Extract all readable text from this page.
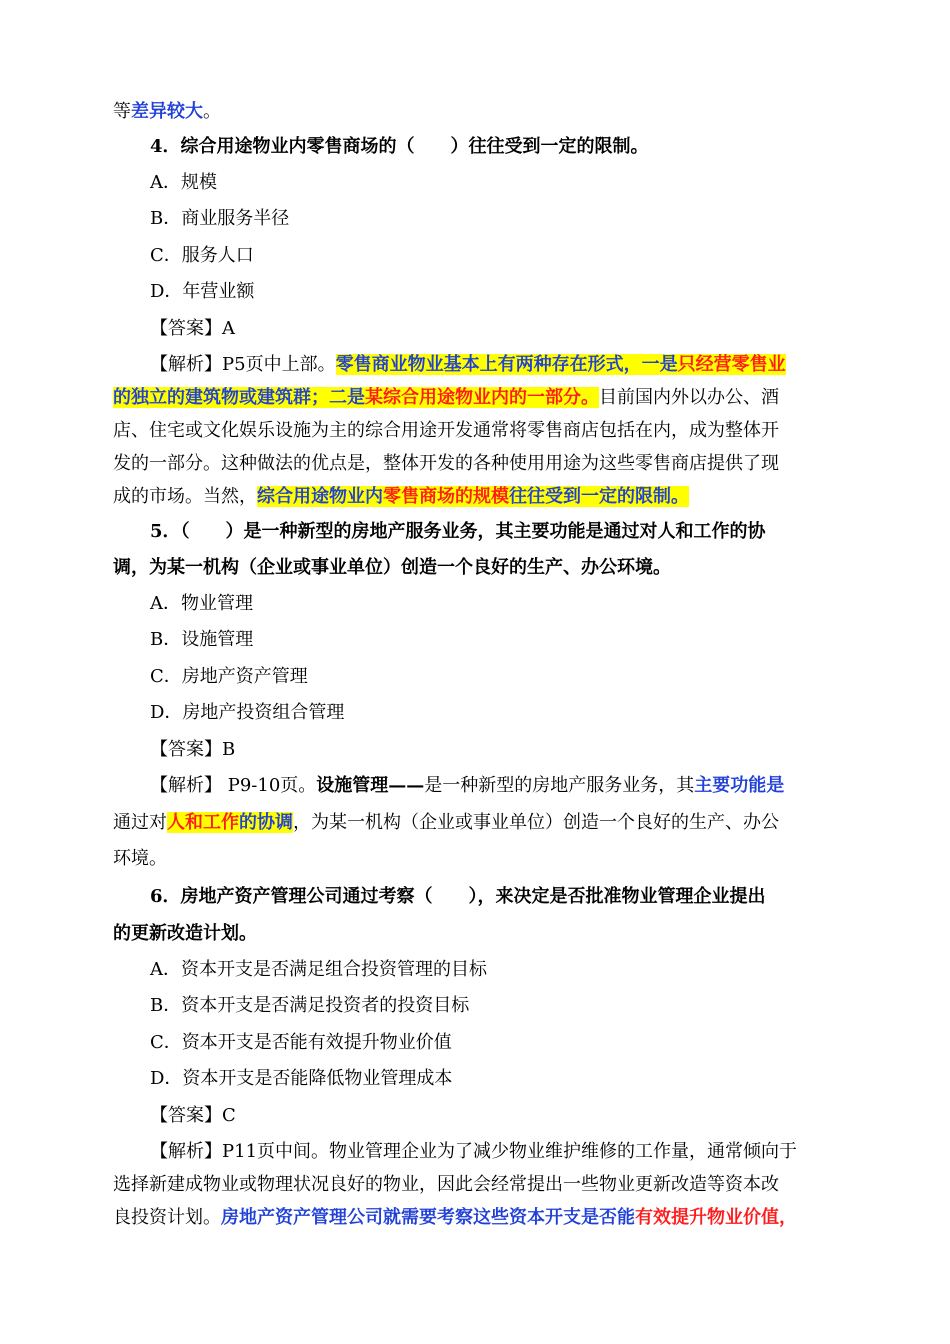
等差异较大。
4．综合用途物业内零售商场的（　　）往往受到一定的限制。
A．规模
B．商业服务半径
C．服务人口
D．年营业额
【答案】A
【解析】P5页中上部。零售商业物业基本上有两种存在形式，一是只经营零售业
的独立的建筑物或建筑群；二是某综合用途物业内的一部分。目前国内外以办公、酒
店、住宅或文化娱乐设施为主的综合用途开发通常将零售商店包括在内，成为整体开
发的一部分。这种做法的优点是，整体开发的各种使用用途为这些零售商店提供了现
成的市场。当然，综合用途物业内零售商场的规模往往受到一定的限制。
5．（　　）是一种新型的房地产服务业务，其主要功能是通过对人和工作的协
调，为某一机构（企业或事业单位）创造一个良好的生产、办公环境。
A．物业管理
B．设施管理
C．房地产资产管理
D．房地产投资组合管理
【答案】B
【解析】 P9-10页。设施管理——是一种新型的房地产服务业务，其主要功能是
通过对人和工作的协调，为某一机构（企业或事业单位）创造一个良好的生产、办公
环境。
6．房地产资产管理公司通过考察（　　），来决定是否批准物业管理企业提出
的更新改造计划。
A．资本开支是否满足组合投资管理的目标
B．资本开支是否满足投资者的投资目标
C．资本开支是否能有效提升物业价值
D．资本开支是否能降低物业管理成本
【答案】C
【解析】P11页中间。物业管理企业为了减少物业维护维修的工作量，通常倾向于
选择新建成物业或物理状况良好的物业，因此会经常提出一些物业更新改造等资本改
良投资计划。房地产资产管理公司就需要考察这些资本开支是否能有效提升物业价值，
